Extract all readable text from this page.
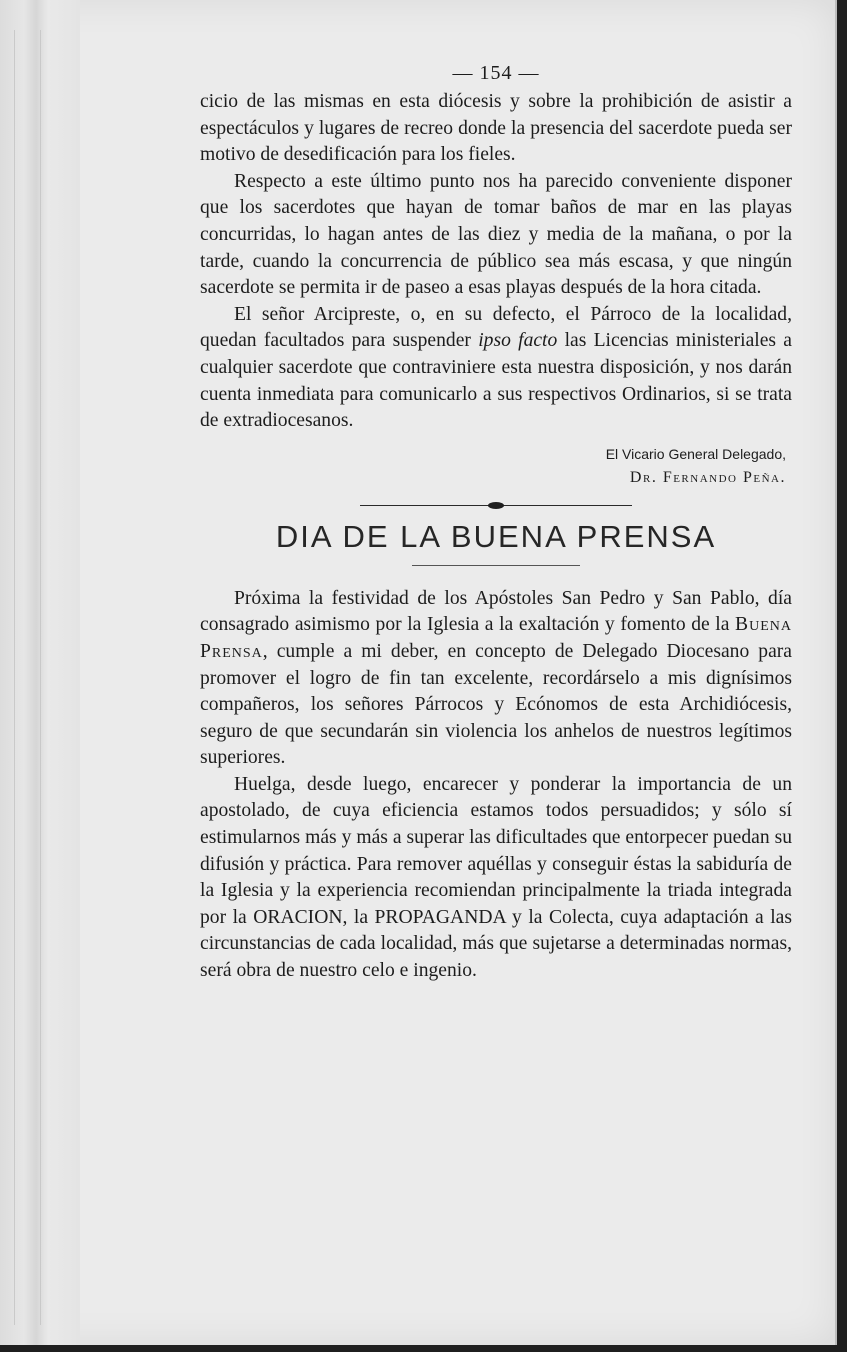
— 154 —

cicio de las mismas en esta diócesis y sobre la prohibición de asistir a espectáculos y lugares de recreo donde la presencia del sacerdote pueda ser motivo de desedificación para los fieles.

Respecto a este último punto nos ha parecido conveniente disponer que los sacerdotes que hayan de tomar baños de mar en las playas concurridas, lo hagan antes de las diez y media de la mañana, o por la tarde, cuando la concurrencia de público sea más escasa, y que ningún sacerdote se permita ir de paseo a esas playas después de la hora citada.

El señor Arcipreste, o, en su defecto, el Párroco de la localidad, quedan facultados para suspender ipso facto las Licencias ministeriales a cualquier sacerdote que contraviniere esta nuestra disposición, y nos darán cuenta inmediata para comunicarlo a sus respectivos Ordinarios, si se trata de extradiocesanos.

El Vicario General Delegado,
Dr. Fernando Peña.
DIA DE LA BUENA PRENSA

Próxima la festividad de los Apóstoles San Pedro y San Pablo, día consagrado asimismo por la Iglesia a la exaltación y fomento de la Buena Prensa, cumple a mi deber, en concepto de Delegado Diocesano para promover el logro de fin tan excelente, recordárselo a mis dignísimos compañeros, los señores Párrocos y Ecónomos de esta Archidiócesis, seguro de que secundarán sin violencia los anhelos de nuestros legítimos superiores.

Huelga, desde luego, encarecer y ponderar la importancia de un apostolado, de cuya eficiencia estamos todos persuadidos; y sólo sí estimularnos más y más a superar las dificultades que entorpecer puedan su difusión y práctica. Para remover aquéllas y conseguir éstas la sabiduría de la Iglesia y la experiencia recomiendan principalmente la triada integrada por la ORACION, la PROPAGANDA y la Colecta, cuya adaptación a las circunstancias de cada localidad, más que sujetarse a determinadas normas, será obra de nuestro celo e ingenio.
